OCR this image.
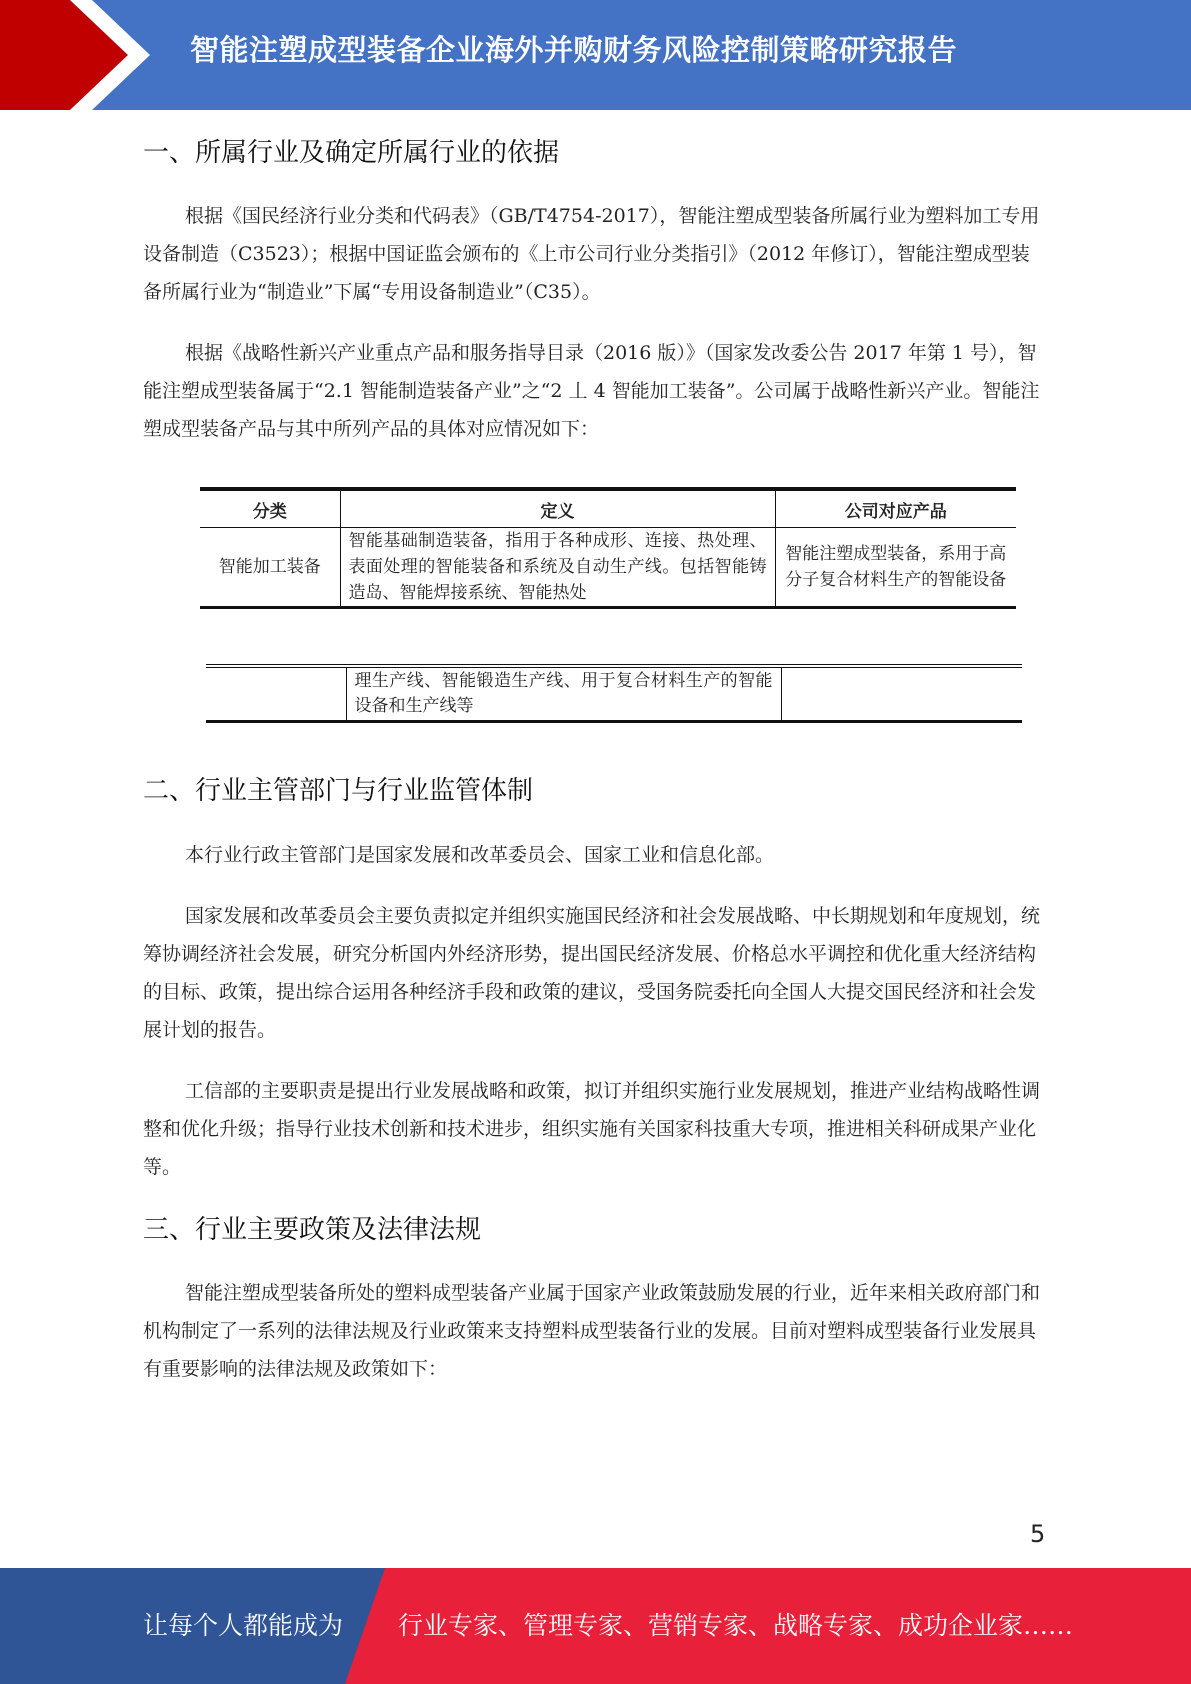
智能注塑成型装备企业海外并购财务风险控制策略研究报告
一、所属行业及确定所属行业的依据

根据《国民经济行业分类和代码表》（GB/T4754-2017），智能注塑成型装备所属行业为塑料加工专用设备制造（C3523）；根据中国证监会颁布的《上市公司行业分类指引》（2012 年修订），智能注塑成型装备所属行业为“制造业”下属“专用设备制造业”（C35）。

根据《战略性新兴产业重点产品和服务指导目录（2016 版）》（国家发改委公告 2017 年第 1 号），智能注塑成型装备属于“2.1 智能制造装备产业”之“2 丄 4 智能加工装备”。公司属于战略性新兴产业。智能注塑成型装备产品与其中所列产品的具体对应情况如下：

分类	定义	公司对应产品
智能加工装备	智能基础制造装备，指用于各种成形、连接、热处理、表面处理的智能装备和系统及自动生产线。包括智能铸造岛、智能焊接系统、智能热处	智能注塑成型装备，系用于高分子复合材料生产的智能设备
	理生产线、智能锻造生产线、用于复合材料生产的智能设备和生产线等	
二、行业主管部门与行业监管体制

本行业行政主管部门是国家发展和改革委员会、国家工业和信息化部。

国家发展和改革委员会主要负责拟定并组织实施国民经济和社会发展战略、中长期规划和年度规划，统筹协调经济社会发展，研究分析国内外经济形势，提出国民经济发展、价格总水平调控和优化重大经济结构的目标、政策，提出综合运用各种经济手段和政策的建议，受国务院委托向全国人大提交国民经济和社会发展计划的报告。

工信部的主要职责是提出行业发展战略和政策，拟订并组织实施行业发展规划，推进产业结构战略性调整和优化升级；指导行业技术创新和技术进步，组织实施有关国家科技重大专项，推进相关科研成果产业化等。

三、行业主要政策及法律法规

智能注塑成型装备所处的塑料成型装备产业属于国家产业政策鼓励发展的行业，近年来相关政府部门和机构制定了一系列的法律法规及行业政策来支持塑料成型装备行业的发展。目前对塑料成型装备行业发展具有重要影响的法律法规及政策如下：

5
让每个人都能成为 行业专家、管理专家、营销专家、战略专家、成功企业家……
